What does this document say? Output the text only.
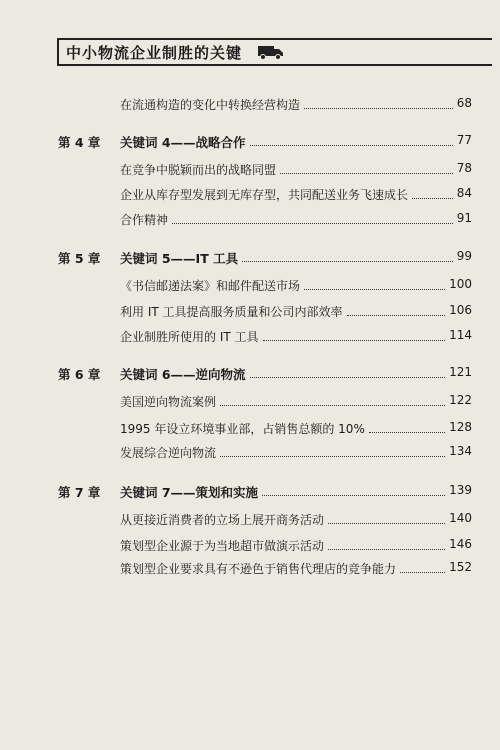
中小物流企业制胜的关键
在流通构造的变化中转换经营构造	68
第 4 章 关键词 4——战略合作	77
在竞争中脱颖而出的战略同盟	78
企业从库存型发展到无库存型，共同配送业务飞速成长	84
合作精神	91
第 5 章 关键词 5——IT 工具	99
《书信邮递法案》和邮件配送市场	100
利用 IT 工具提高服务质量和公司内部效率	106
企业制胜所使用的 IT 工具	114
第 6 章 关键词 6——逆向物流	121
美国逆向物流案例	122
1995 年设立环境事业部，占销售总额的 10%	128
发展综合逆向物流	134
第 7 章 关键词 7——策划和实施	139
从更接近消费者的立场上展开商务活动	140
策划型企业源于为当地超市做演示活动	146
策划型企业要求具有不逊色于销售代理店的竞争能力	152
